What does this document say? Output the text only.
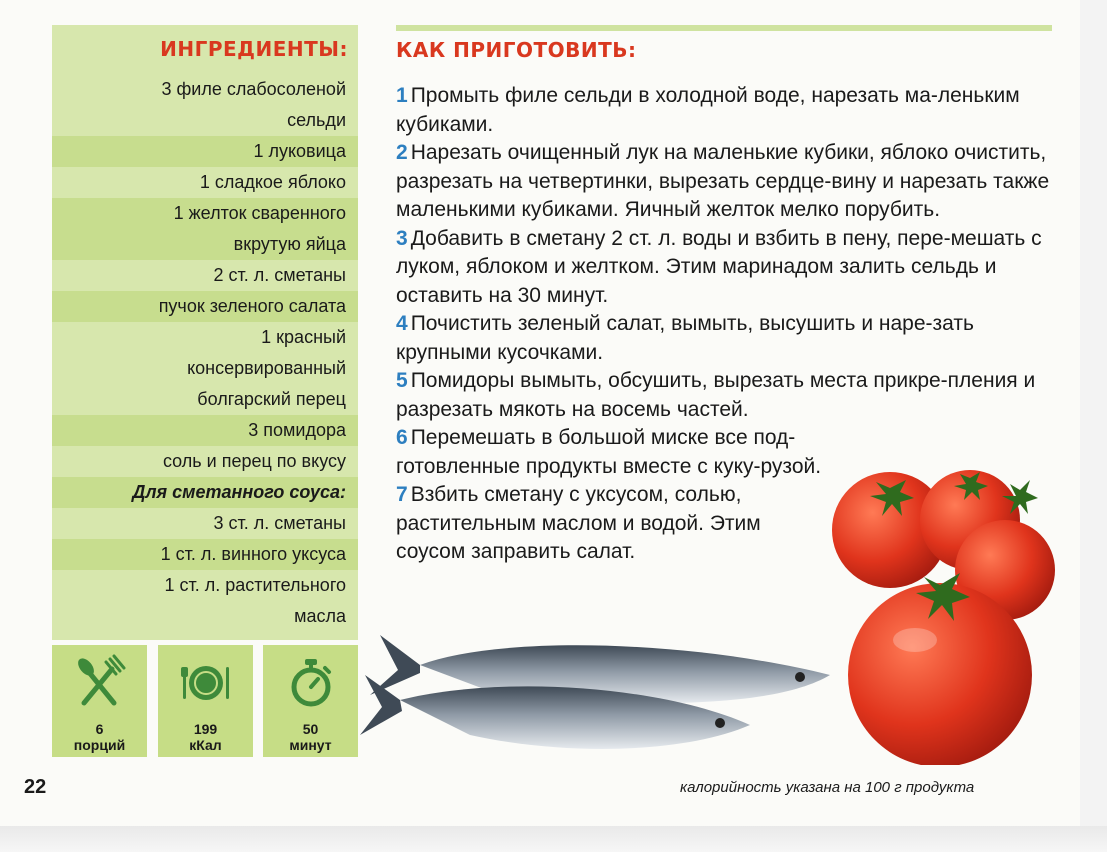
ИНГРЕДИЕНТЫ:
3 филе слабосоленой
сельди
1 луковица
1 сладкое яблоко
1 желток сваренного
вкрутую яйца
2 ст. л. сметаны
пучок зеленого салата
1 красный
консервированный
болгарский перец
3 помидора
соль и перец по вкусу
Для сметанного соуса:
3 ст. л. сметаны
1 ст. л. винного уксуса
1 ст. л. растительного
масла
6
порций
199
кКал
50
минут
КАК ПРИГОТОВИТЬ:
1 Промыть филе сельди в холодной воде, нарезать ма-леньким кубиками.
2 Нарезать очищенный лук на маленькие кубики, яблоко очистить, разрезать на четвертинки, вырезать сердце-вину и нарезать также маленькими кубиками. Яичный желток мелко порубить.
3 Добавить в сметану 2 ст. л. воды и взбить в пену, пере-мешать с луком, яблоком и желтком. Этим маринадом залить сельдь и оставить на 30 минут.
4 Почистить зеленый салат, вымыть, высушить и наре-зать крупными кусочками.
5 Помидоры вымыть, обсушить, вырезать места прикре-пления и разрезать мякоть на восемь частей.
6 Перемешать в большой миске все под-готовленные продукты вместе с куку-рузой.
7 Взбить сметану с уксусом, солью, растительным маслом и водой. Этим соусом заправить салат.
22	калорийность указана на 100 г продукта
